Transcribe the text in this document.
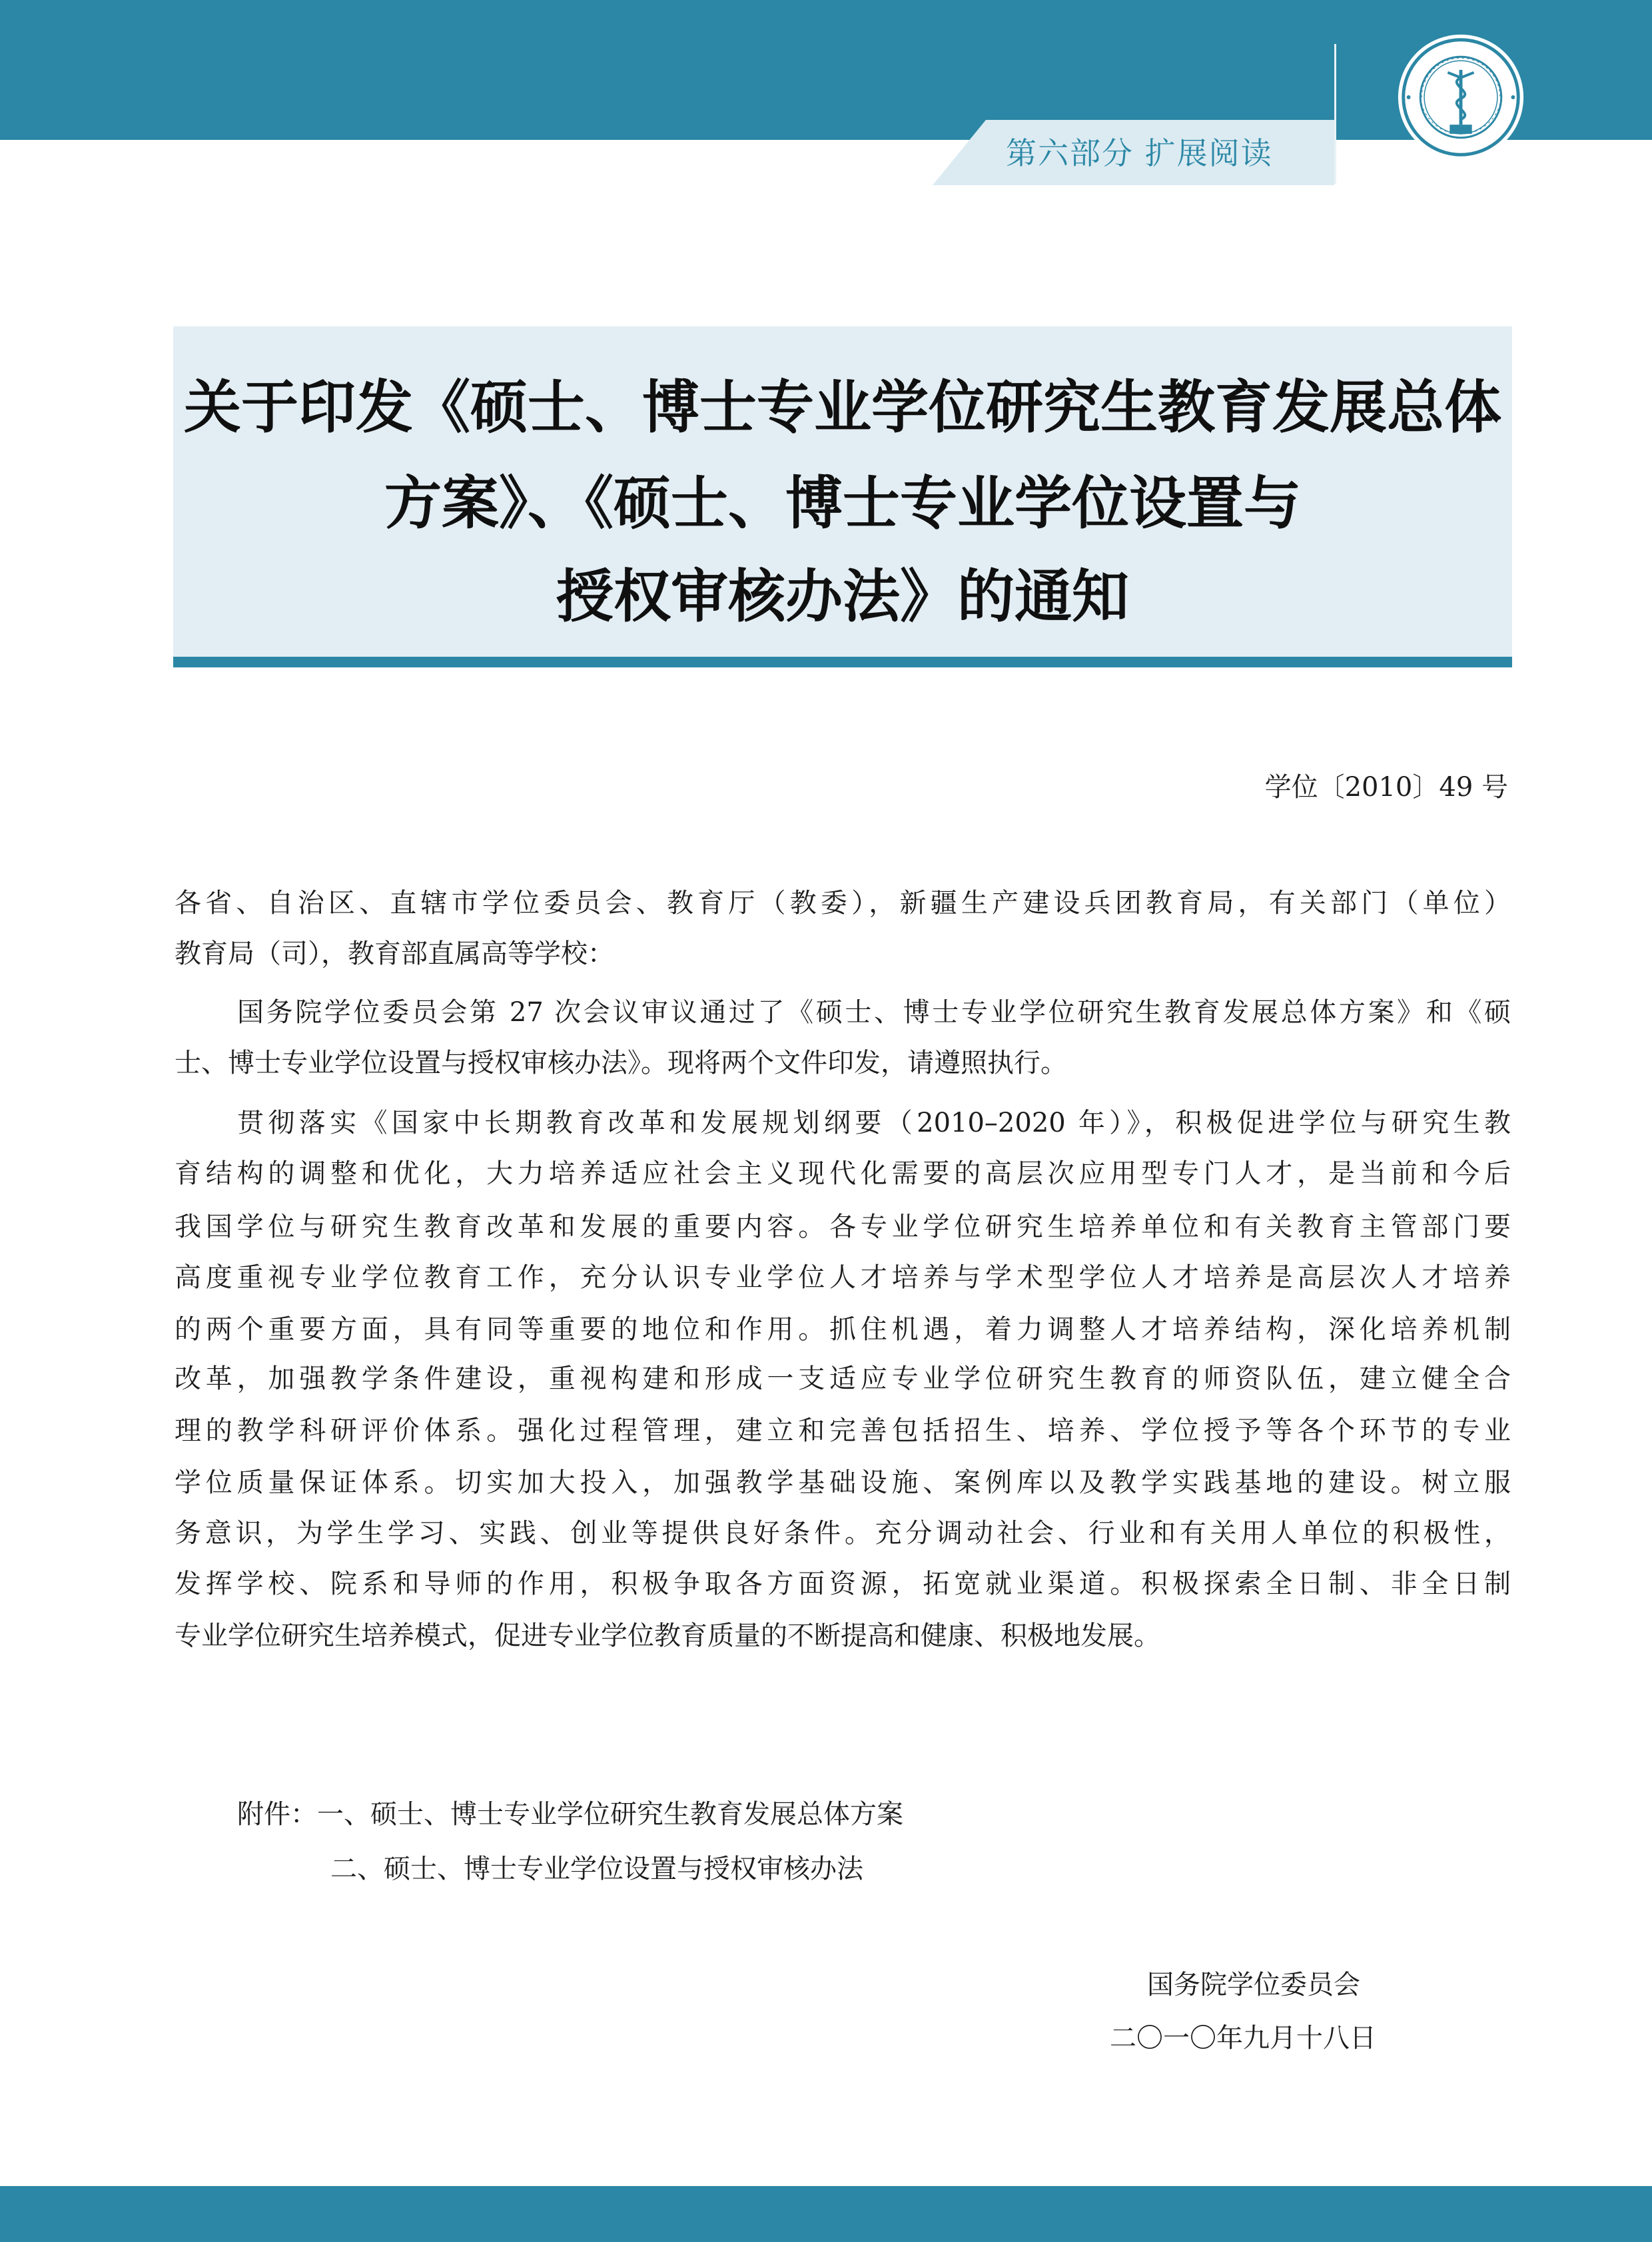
第六部分 扩展阅读
关于印发《硕士、博士专业学位研究生教育发展总体
方案》、《硕士、博士专业学位设置与
授权审核办法》的通知
学位〔2010〕49 号
各省、自治区、直辖市学位委员会、教育厅（教委），新疆生产建设兵团教育局，有关部门（单位）
教育局（司），教育部直属高等学校：
国务院学位委员会第 27 次会议审议通过了《硕士、博士专业学位研究生教育发展总体方案》和《硕
士、博士专业学位设置与授权审核办法》。现将两个文件印发，请遵照执行。
贯彻落实《国家中长期教育改革和发展规划纲要（2010–2020 年）》，积极促进学位与研究生教
育结构的调整和优化，大力培养适应社会主义现代化需要的高层次应用型专门人才，是当前和今后
我国学位与研究生教育改革和发展的重要内容。各专业学位研究生培养单位和有关教育主管部门要
高度重视专业学位教育工作，充分认识专业学位人才培养与学术型学位人才培养是高层次人才培养
的两个重要方面，具有同等重要的地位和作用。抓住机遇，着力调整人才培养结构，深化培养机制
改革，加强教学条件建设，重视构建和形成一支适应专业学位研究生教育的师资队伍，建立健全合
理的教学科研评价体系。强化过程管理，建立和完善包括招生、培养、学位授予等各个环节的专业
学位质量保证体系。切实加大投入，加强教学基础设施、案例库以及教学实践基地的建设。树立服
务意识，为学生学习、实践、创业等提供良好条件。充分调动社会、行业和有关用人单位的积极性，
发挥学校、院系和导师的作用，积极争取各方面资源，拓宽就业渠道。积极探索全日制、非全日制
专业学位研究生培养模式，促进专业学位教育质量的不断提高和健康、积极地发展。
附件：一、硕士、博士专业学位研究生教育发展总体方案
二、硕士、博士专业学位设置与授权审核办法
国务院学位委员会
二〇一〇年九月十八日
